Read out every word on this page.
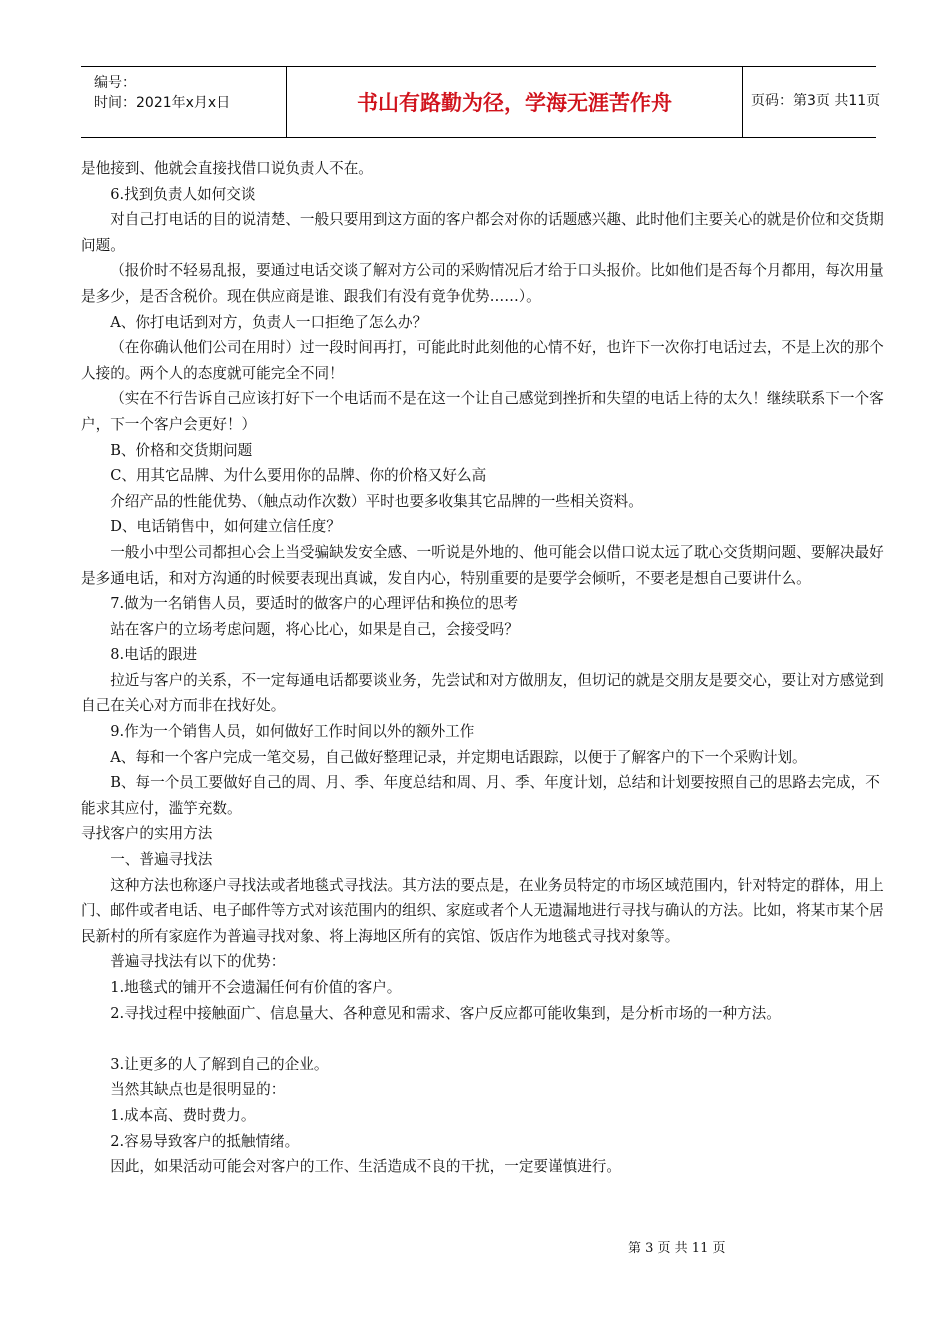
编号：
时间：2021年x月x日	书山有路勤为径，学海无涯苦作舟	页码：第3页 共11页

是他接到、他就会直接找借口说负责人不在。

6.找到负责人如何交谈

对自己打电话的目的说清楚、一般只要用到这方面的客户都会对你的话题感兴趣、此时他们主要关心的就是价位和交货期问题。

（报价时不轻易乱报，要通过电话交谈了解对方公司的采购情况后才给于口头报价。比如他们是否每个月都用，每次用量是多少，是否含税价。现在供应商是谁、跟我们有没有竟争优势……）。

A、你打电话到对方，负责人一口拒绝了怎么办？

（在你确认他们公司在用时）过一段时间再打，可能此时此刻他的心情不好，也许下一次你打电话过去，不是上次的那个人接的。两个人的态度就可能完全不同！

（实在不行告诉自己应该打好下一个电话而不是在这一个让自己感觉到挫折和失望的电话上待的太久！继续联系下一个客户，下一个客户会更好！）

B、价格和交货期问题

C、用其它品牌、为什么要用你的品牌、你的价格又好么高

介绍产品的性能优势、（触点动作次数）平时也要多收集其它品牌的一些相关资料。

D、电话销售中，如何建立信任度？

一般小中型公司都担心会上当受骗缺发安全感、一听说是外地的、他可能会以借口说太远了耽心交货期问题、要解决最好是多通电话，和对方沟通的时候要表现出真诚，发自内心，特别重要的是要学会倾听，不要老是想自己要讲什么。

7.做为一名销售人员，要适时的做客户的心理评估和换位的思考

站在客户的立场考虑问题，将心比心，如果是自己，会接受吗？

8.电话的跟进

拉近与客户的关系，不一定每通电话都要谈业务，先尝试和对方做朋友，但切记的就是交朋友是要交心，要让对方感觉到自己在关心对方而非在找好处。

9.作为一个销售人员，如何做好工作时间以外的额外工作

A、每和一个客户完成一笔交易，自己做好整理记录，并定期电话跟踪，以便于了解客户的下一个采购计划。

B、每一个员工要做好自己的周、月、季、年度总结和周、月、季、年度计划，总结和计划要按照自己的思路去完成，不能求其应付，滥竽充数。

寻找客户的实用方法

一、普遍寻找法

这种方法也称逐户寻找法或者地毯式寻找法。其方法的要点是，在业务员特定的市场区域范围内，针对特定的群体，用上门、邮件或者电话、电子邮件等方式对该范围内的组织、家庭或者个人无遗漏地进行寻找与确认的方法。比如，将某市某个居民新村的所有家庭作为普遍寻找对象、将上海地区所有的宾馆、饭店作为地毯式寻找对象等。

普遍寻找法有以下的优势：

1.地毯式的铺开不会遗漏任何有价值的客户。

2.寻找过程中接触面广、信息量大、各种意见和需求、客户反应都可能收集到，是分析市场的一种方法。

3.让更多的人了解到自己的企业。

当然其缺点也是很明显的：

1.成本高、费时费力。

2.容易导致客户的抵触情绪。

因此，如果活动可能会对客户的工作、生活造成不良的干扰，一定要谨慎进行。

第 3 页 共 11 页
